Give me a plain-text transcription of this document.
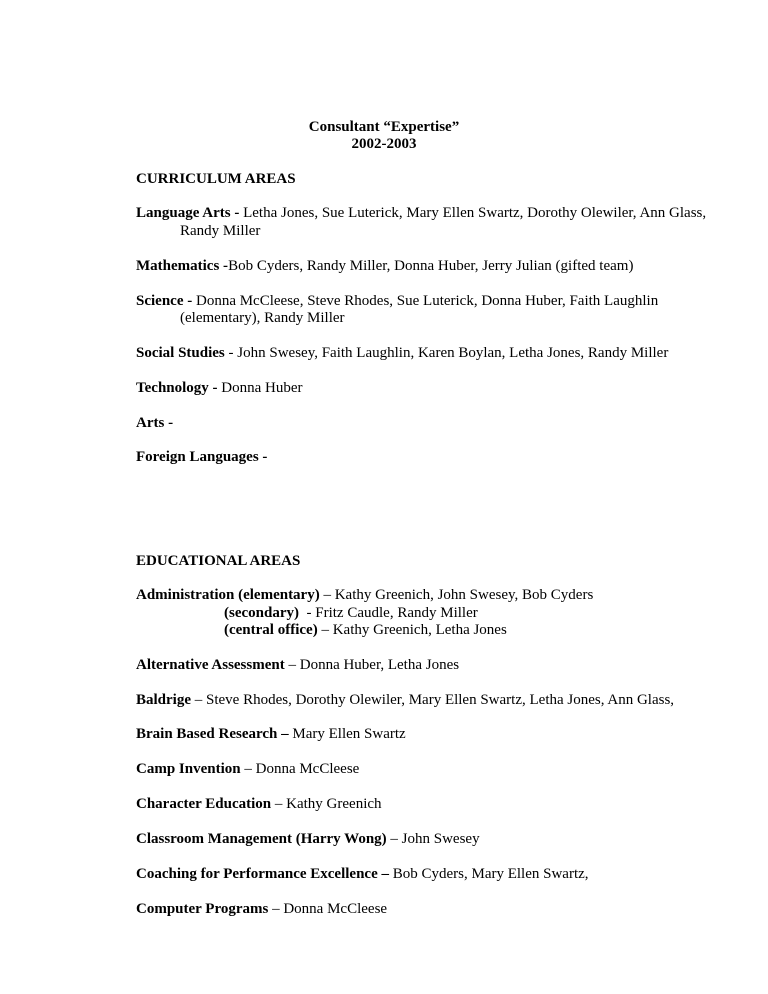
Consultant “Expertise”
2002-2003
CURRICULUM AREAS

Language Arts - Letha Jones, Sue Luterick, Mary Ellen Swartz, Dorothy Olewiler, Ann Glass, Randy Miller

Mathematics -Bob Cyders, Randy Miller, Donna Huber, Jerry Julian (gifted team)

Science - Donna McCleese, Steve Rhodes, Sue Luterick, Donna Huber, Faith Laughlin (elementary), Randy Miller

Social Studies - John Swesey, Faith Laughlin, Karen Boylan, Letha Jones, Randy Miller

Technology - Donna Huber

Arts -

Foreign Languages -

EDUCATIONAL AREAS

Administration (elementary) – Kathy Greenich, John Swesey, Bob Cyders
(secondary)  - Fritz Caudle, Randy Miller
(central office) – Kathy Greenich, Letha Jones

Alternative Assessment – Donna Huber, Letha Jones

Baldrige – Steve Rhodes, Dorothy Olewiler, Mary Ellen Swartz, Letha Jones, Ann Glass,

Brain Based Research – Mary Ellen Swartz

Camp Invention – Donna McCleese

Character Education – Kathy Greenich

Classroom Management (Harry Wong) – John Swesey

Coaching for Performance Excellence – Bob Cyders, Mary Ellen Swartz,

Computer Programs – Donna McCleese
